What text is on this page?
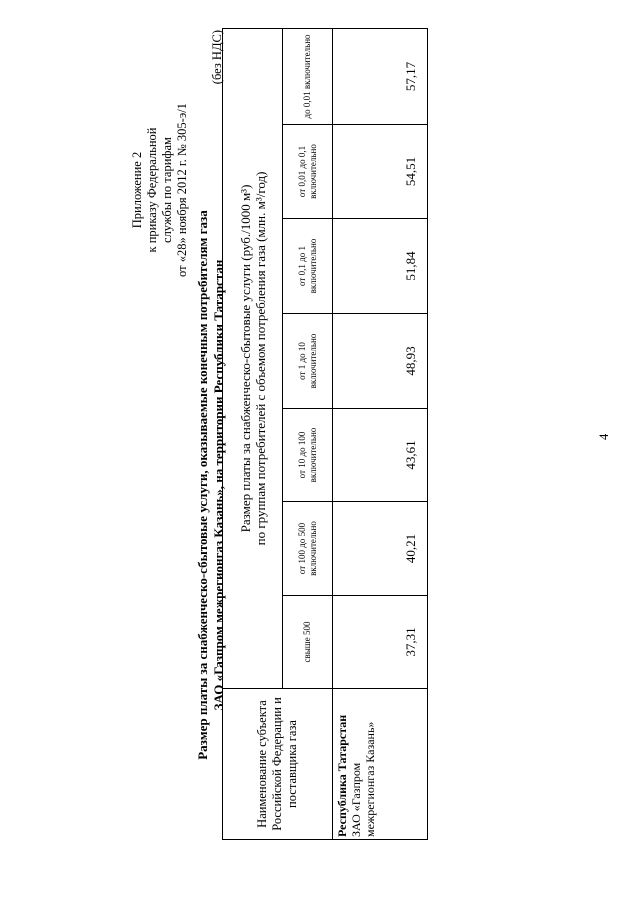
Приложение 2 к приказу Федеральной службы по тарифам от «28» ноября 2012 г. № 305-э/1
Размер платы за снабженческо-сбытовые услуги, оказываемые конечным потребителям газа ЗАО «Газпром межрегионгаз Казань», на территории Республики Татарстан
(без НДС)
Наименование субъекта Российской Федерации и поставщика газа	Размер платы за снабженческо-сбытовые услуги (руб./1000 м³) по группам потребителей с объемом потребления газа (млн. м³/год)						

	свыше 500	от 100 до 500 включительно	от 10 до 100 включительно	от 1 до 10 включительно	от 0,1 до 1 включительно	от 0,01 до 0,1 включительно	до 0,01 включительно

Республика Татарстан ЗАО «Газпром межрегионгаз Казань»	37,31	40,21	43,61	48,93	51,84	54,51	57,17
4
